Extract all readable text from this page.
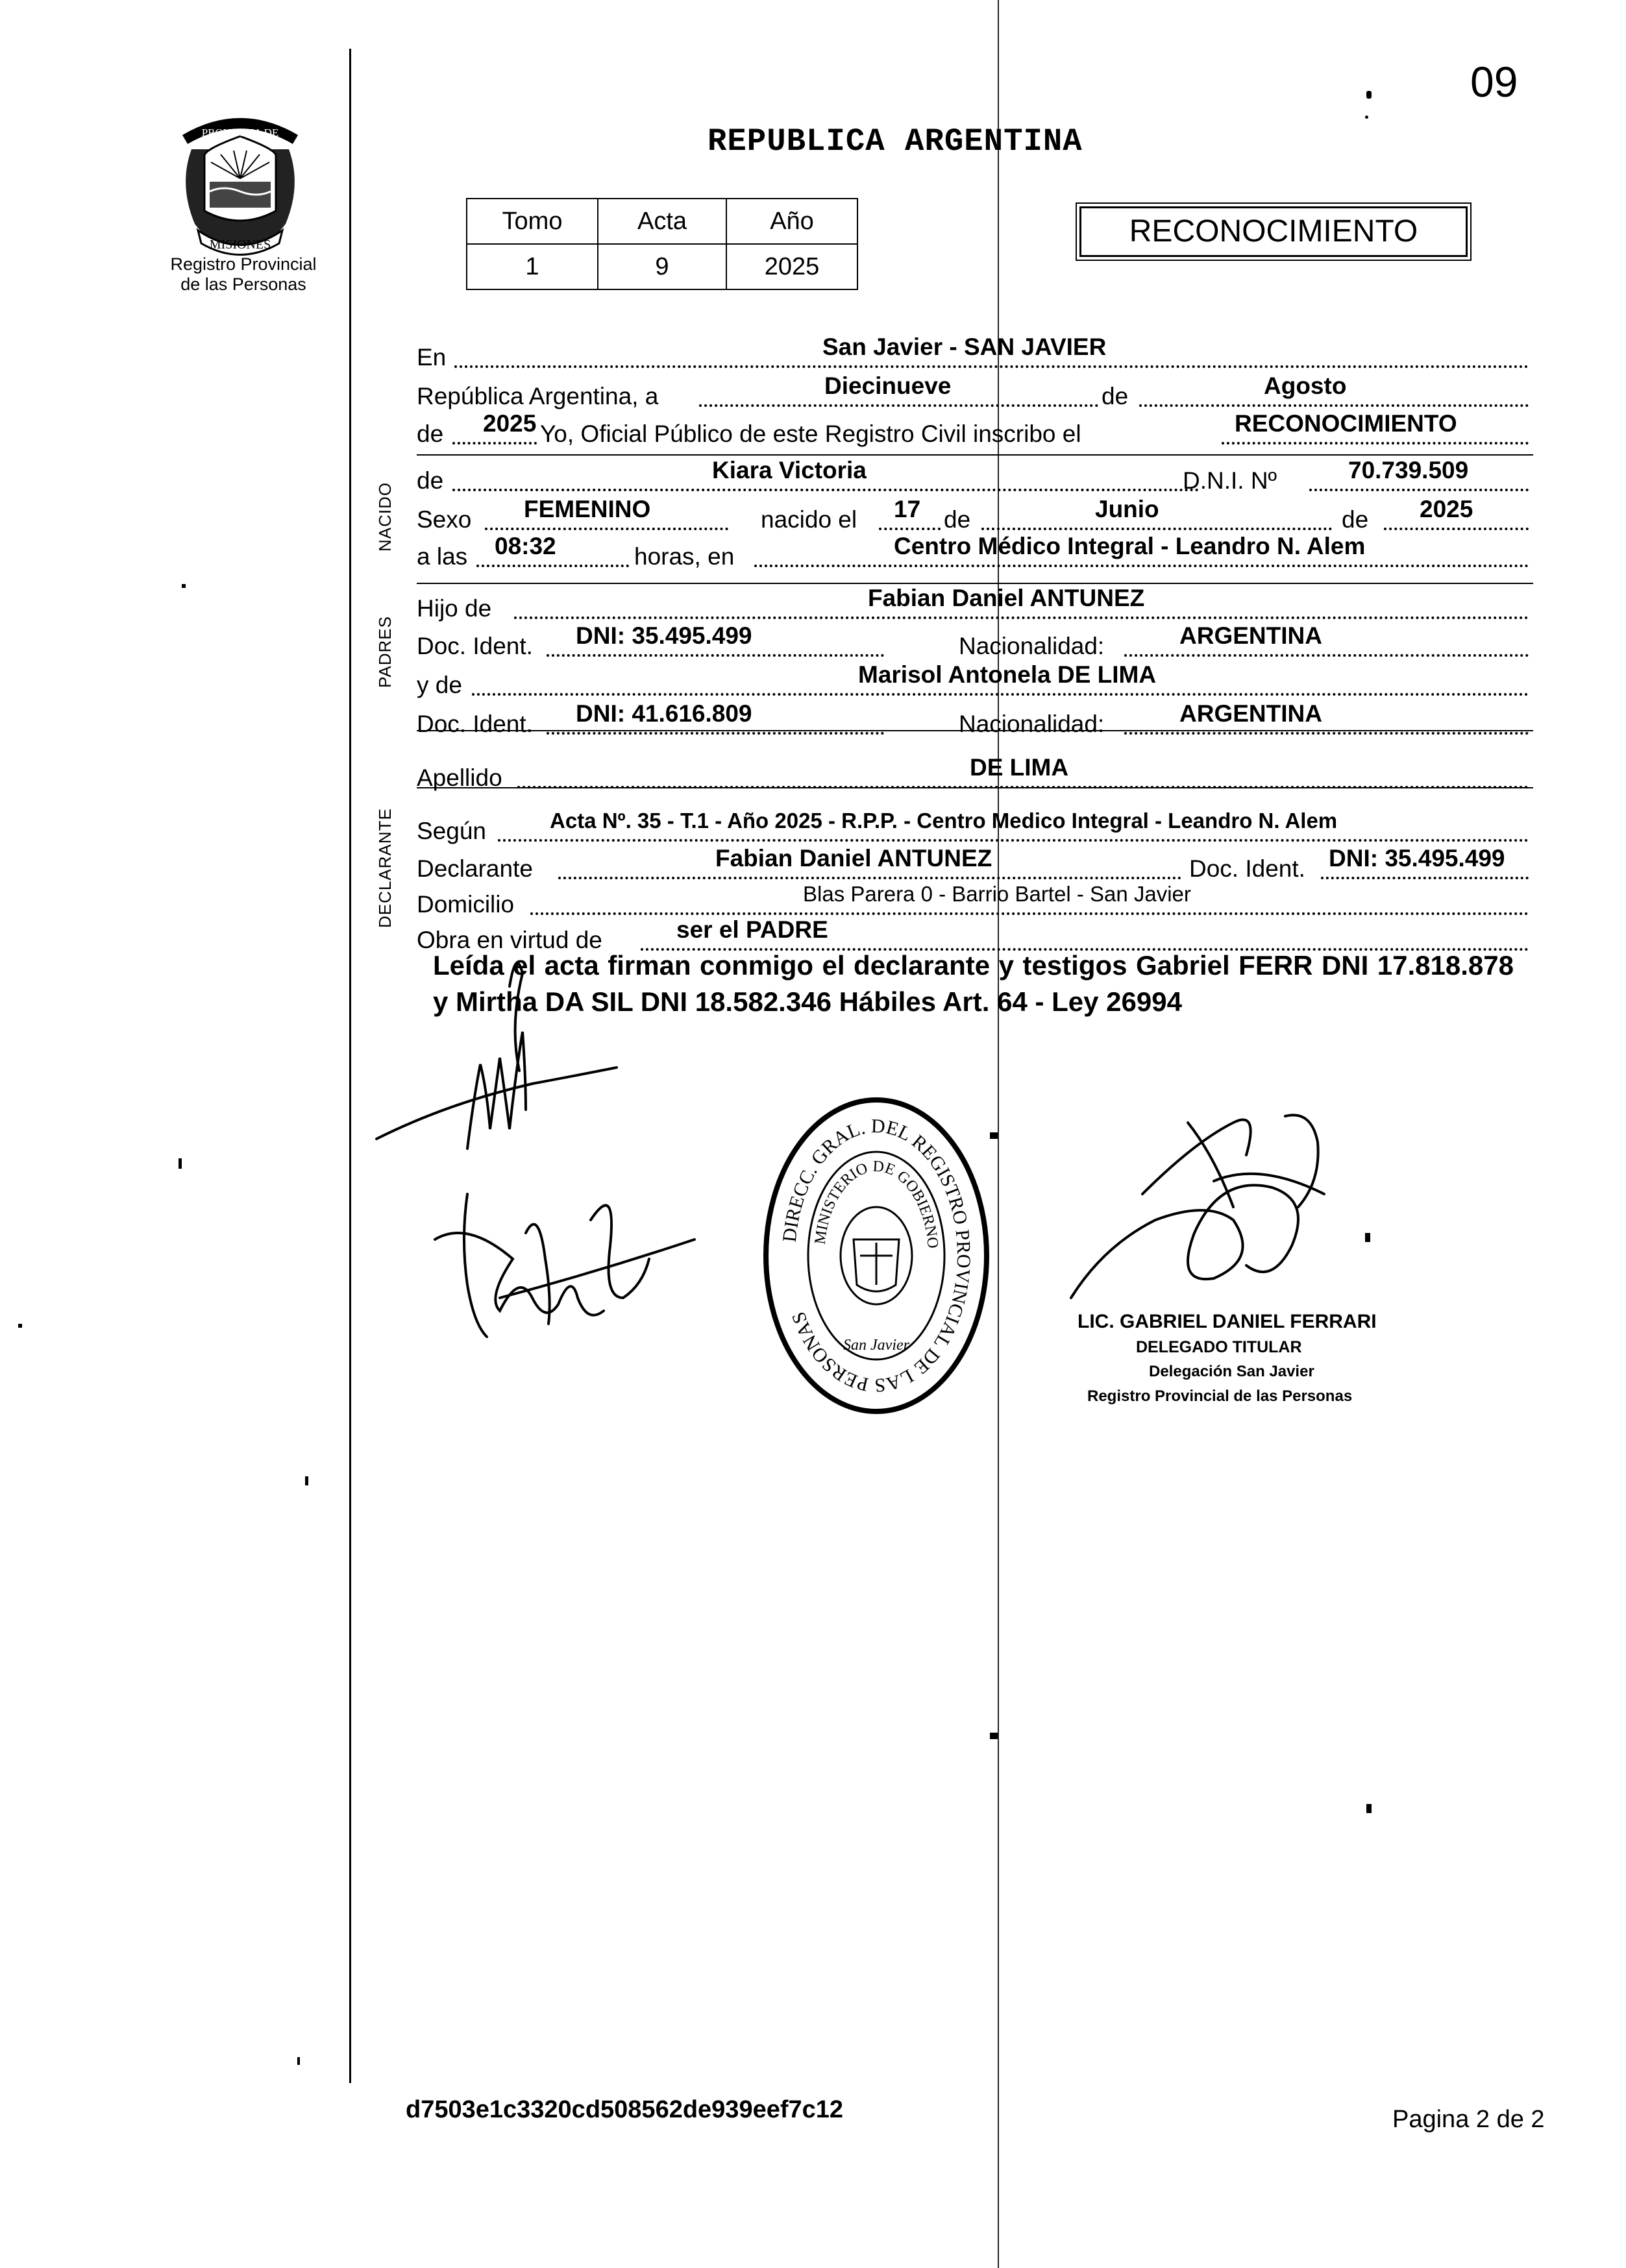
09
PROVINCIA DE
MISIONES
Registro Provincial
de las Personas
REPUBLICA ARGENTINA
Tomo	Acta	Año
1	9	2025
RECONOCIMIENTO
NACIDO
PADRES
DECLARANTE
En	San Javier - SAN JAVIER
República Argentina, a	Diecinueve	de	Agosto
de 2025 Yo, Oficial Público de este Registro Civil inscribo el	RECONOCIMIENTO
de	Kiara Victoria	D.N.I. Nº	70.739.509
Sexo FEMENINO	nacido el 17 de	Junio	de 2025
a las 08:32	horas, en	Centro Médico Integral - Leandro N. Alem
Hijo de	Fabian Daniel ANTUNEZ
Doc. Ident. DNI: 35.495.499	Nacionalidad:	ARGENTINA
y de	Marisol Antonela DE LIMA
Doc. Ident. DNI: 41.616.809	Nacionalidad:	ARGENTINA
Apellido	DE LIMA
Según	Acta Nº. 35 - T.1 - Año 2025 - R.P.P. - Centro Medico Integral - Leandro N. Alem
Declarante	Fabian Daniel ANTUNEZ	Doc. Ident. DNI: 35.495.499
Domicilio	Blas Parera 0 - Barrio Bartel - San Javier
Obra en virtud de	ser el PADRE
Leída el acta firman conmigo el declarante y testigos Gabriel FERR DNI 17.818.878 y Mirtha DA SIL DNI 18.582.346 Hábiles Art. 64 - Ley 26994
DIRECC. GRAL. DEL REGISTRO PROVINCIAL DE LAS PERSONAS
MINISTERIO DE GOBIERNO
San Javier
LIC. GABRIEL DANIEL FERRARI
DELEGADO TITULAR
Delegación San Javier
Registro Provincial de las Personas
d7503e1c3320cd508562de939eef7c12	Pagina 2 de 2
